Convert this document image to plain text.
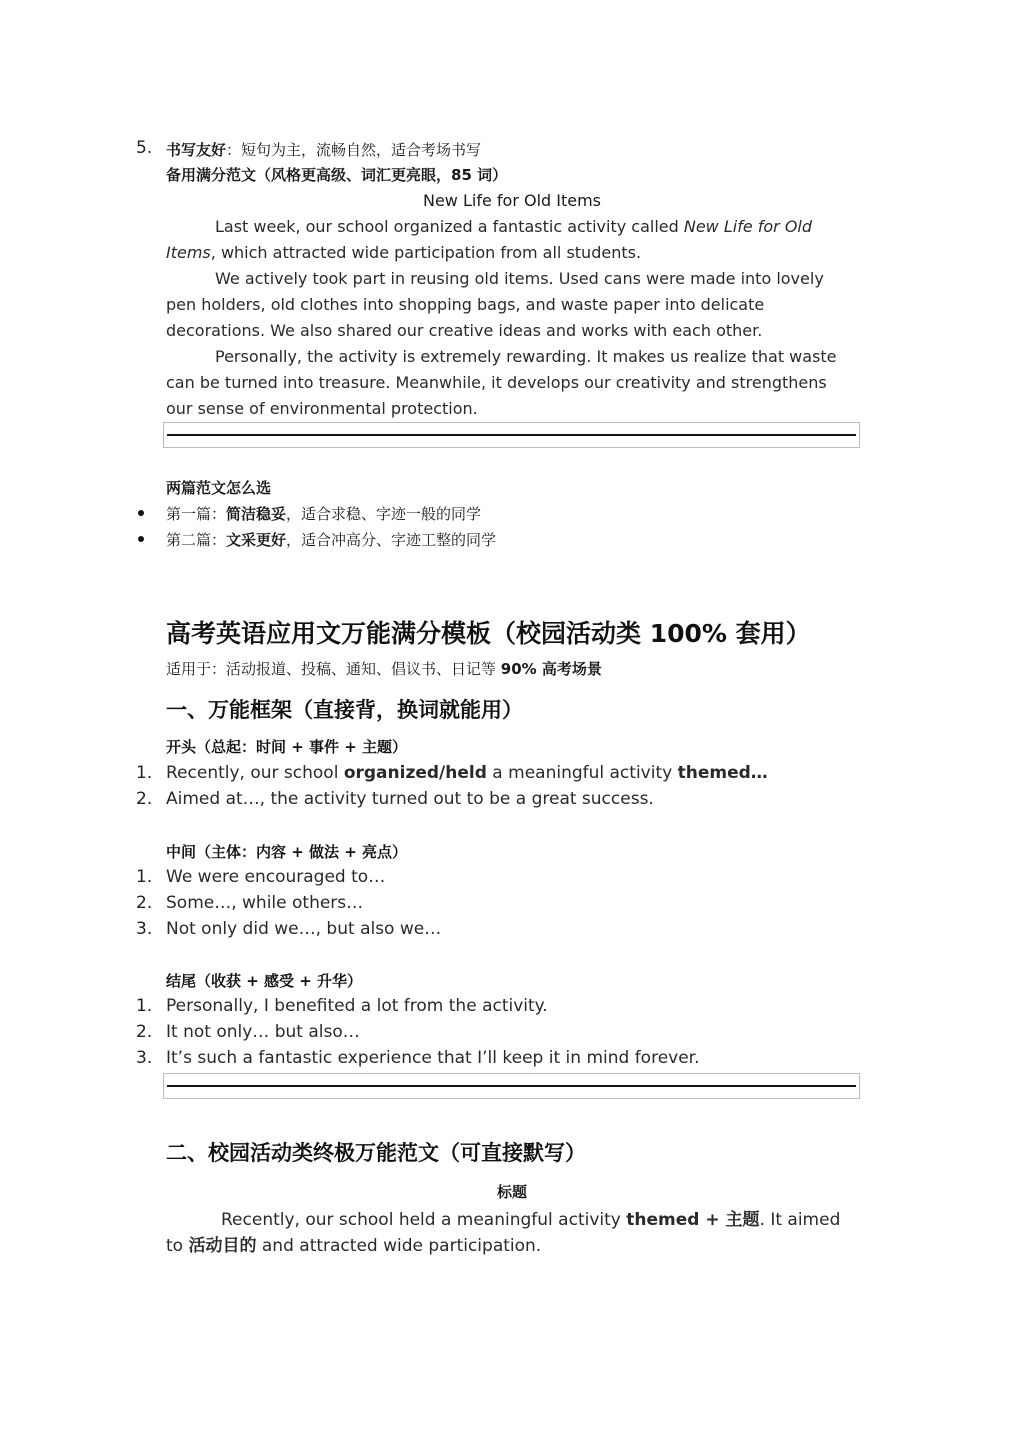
5. 书写友好：短句为主，流畅自然，适合考场书写
备用满分范文（风格更高级、词汇更亮眼，85 词）
New Life for Old Items
Last week, our school organized a fantastic activity called New Life for Old Items, which attracted wide participation from all students.
We actively took part in reusing old items. Used cans were made into lovely pen holders, old clothes into shopping bags, and waste paper into delicate decorations. We also shared our creative ideas and works with each other.
Personally, the activity is extremely rewarding. It makes us realize that waste can be turned into treasure. Meanwhile, it develops our creativity and strengthens our sense of environmental protection.
两篇范文怎么选
第一篇：简洁稳妥，适合求稳、字迹一般的同学
第二篇：文采更好，适合冲高分、字迹工整的同学
高考英语应用文万能满分模板（校园活动类 100% 套用）
适用于：活动报道、投稿、通知、倡议书、日记等 90% 高考场景
一、万能框架（直接背，换词就能用）
开头（总起：时间 + 事件 + 主题）
1. Recently, our school organized/held a meaningful activity themed…
2. Aimed at…, the activity turned out to be a great success.
中间（主体：内容 + 做法 + 亮点）
1. We were encouraged to…
2. Some…, while others…
3. Not only did we…, but also we…
结尾（收获 + 感受 + 升华）
1. Personally, I benefited a lot from the activity.
2. It not only… but also…
3. It’s such a fantastic experience that I’ll keep it in mind forever.
二、校园活动类终极万能范文（可直接默写）
标题
Recently, our school held a meaningful activity themed + 主题. It aimed
to 活动目的 and attracted wide participation.
